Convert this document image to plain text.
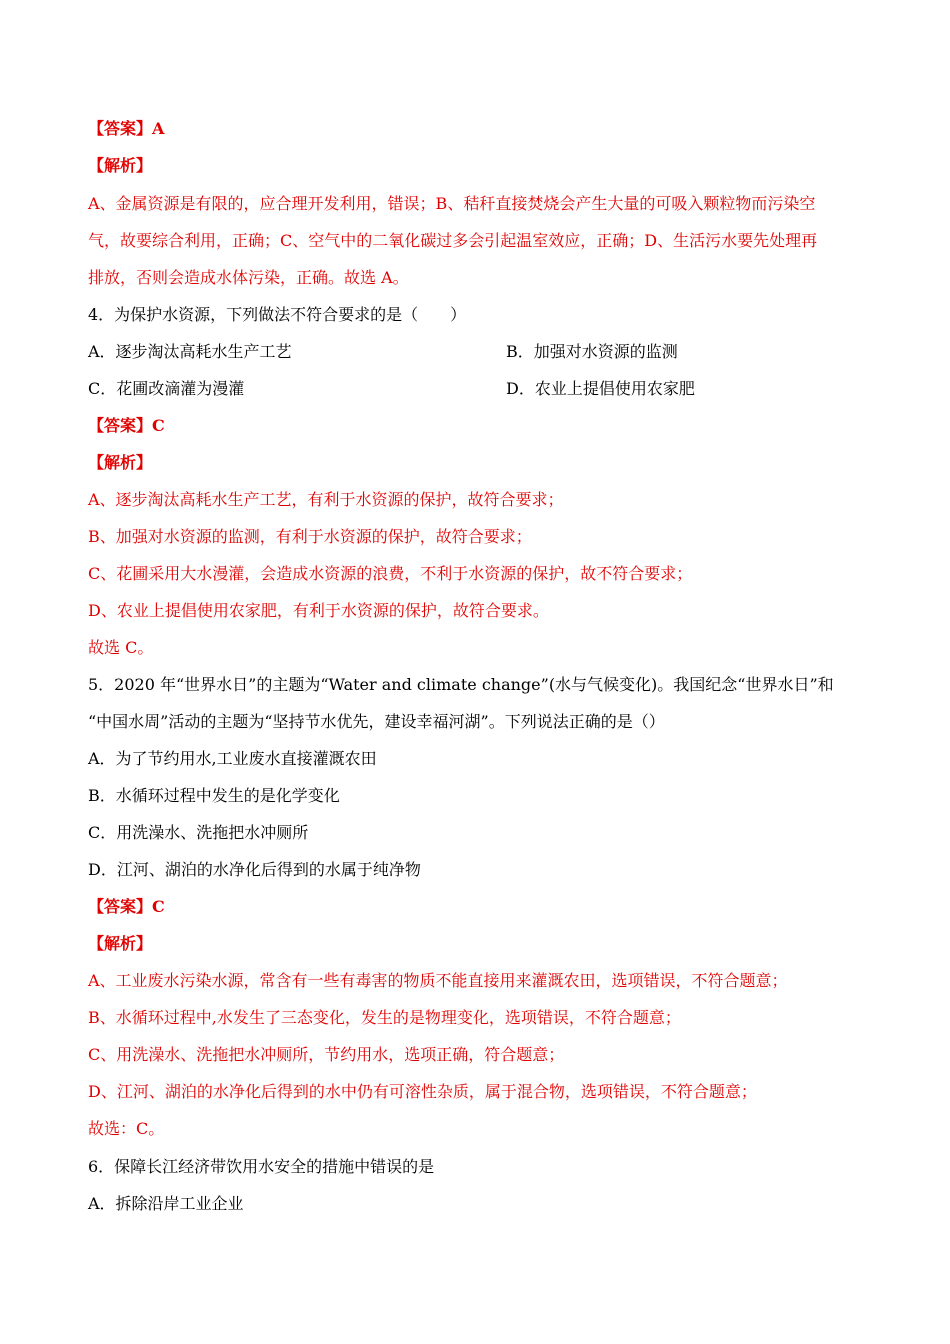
【答案】A
【解析】
A、金属资源是有限的，应合理开发利用，错误；B、秸秆直接焚烧会产生大量的可吸入颗粒物而污染空
气，故要综合利用，正确；C、空气中的二氧化碳过多会引起温室效应，正确；D、生活污水要先处理再
排放，否则会造成水体污染，正确。故选 A。
4．为保护水资源，下列做法不符合要求的是（　　）
A．逐步淘汰高耗水生产工艺	B．加强对水资源的监测
C．花圃改滴灌为漫灌	D．农业上提倡使用农家肥
【答案】C
【解析】
A、逐步淘汰高耗水生产工艺，有利于水资源的保护，故符合要求；
B、加强对水资源的监测，有利于水资源的保护，故符合要求；
C、花圃采用大水漫灌，会造成水资源的浪费，不利于水资源的保护，故不符合要求；
D、农业上提倡使用农家肥，有利于水资源的保护，故符合要求。
故选 C。
5．2020 年“世界水日”的主题为“Water and climate change”(水与气候变化)。我国纪念“世界水日”和
“中国水周”活动的主题为“坚持节水优先，建设幸福河湖”。下列说法正确的是（）
A．为了节约用水,工业废水直接灌溉农田
B．水循环过程中发生的是化学变化
C．用洗澡水、洗拖把水冲厕所
D．江河、湖泊的水净化后得到的水属于纯净物
【答案】C
【解析】
A、工业废水污染水源，常含有一些有毒害的物质不能直接用来灌溉农田，选项错误，不符合题意；
B、水循环过程中,水发生了三态变化，发生的是物理变化，选项错误，不符合题意；
C、用洗澡水、洗拖把水冲厕所，节约用水，选项正确，符合题意；
D、江河、湖泊的水净化后得到的水中仍有可溶性杂质，属于混合物，选项错误，不符合题意；
故选：C。
6．保障长江经济带饮用水安全的措施中错误的是
A．拆除沿岸工业企业
